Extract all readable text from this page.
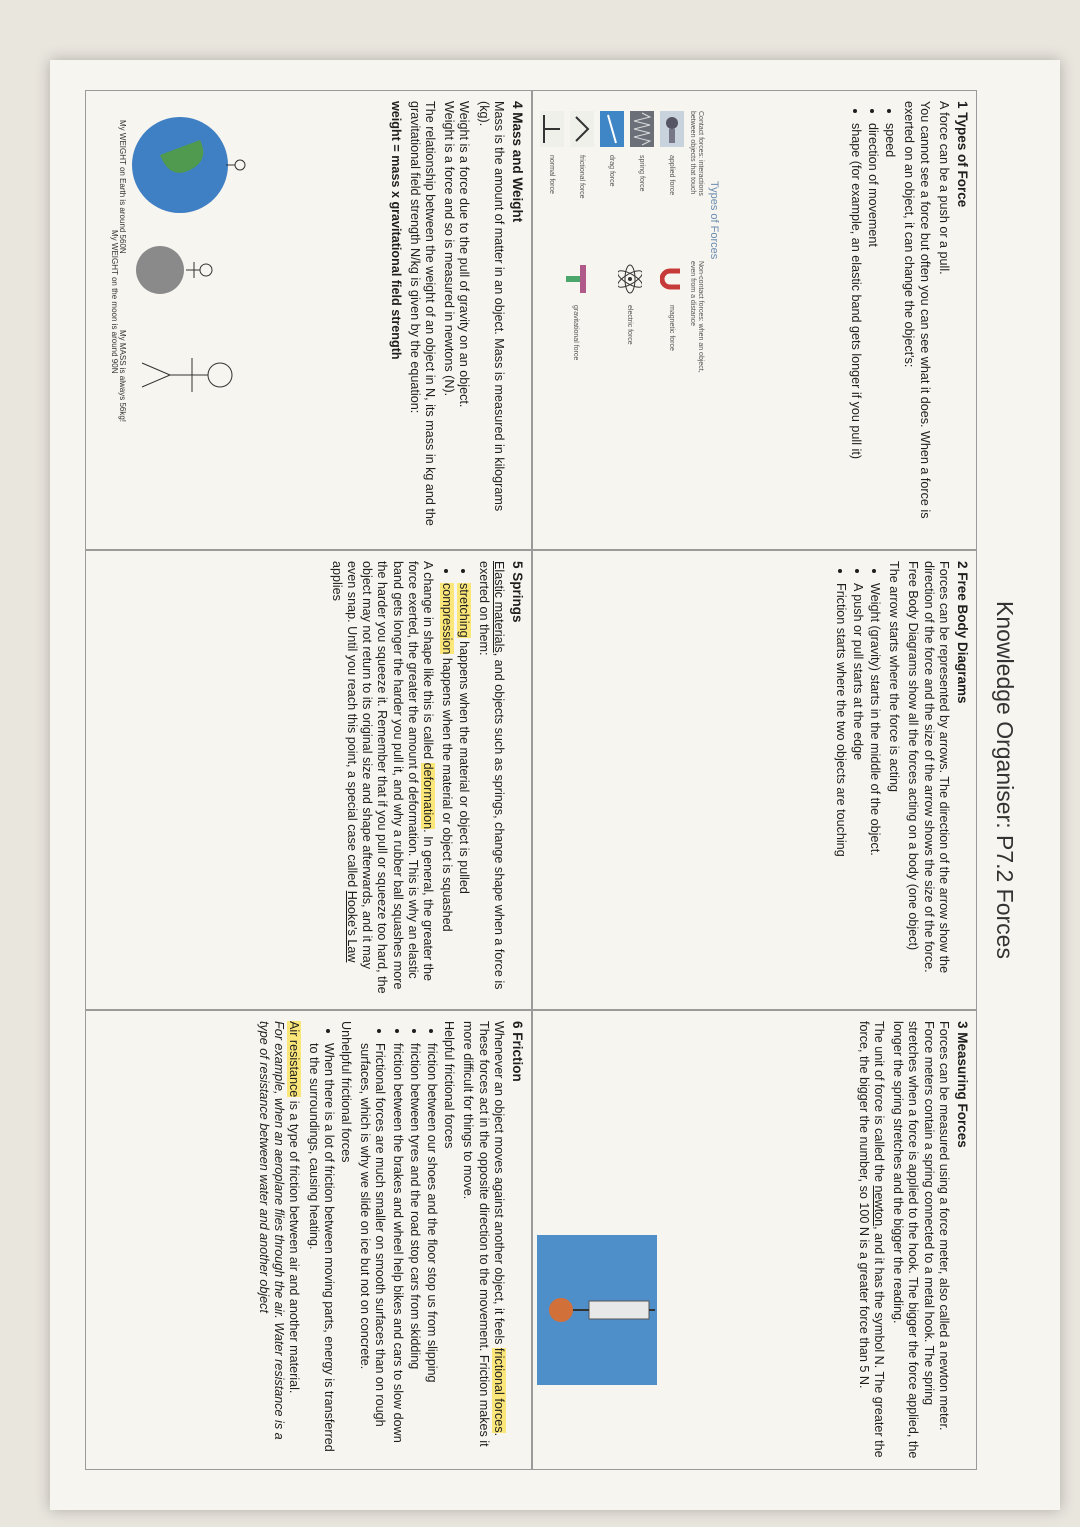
Knowledge Organiser: P7.2 Forces
1 Types of Force

A force can be a push or a pull.

You cannot see a force but often you can see what it does. When a force is exerted on an object, it can change the object's:

• speed
• direction of movement
• shape (for example, an elastic band gets longer if you pull it)
Types of Forces
Contact forces: interactions between objects that touch
Non-contact forces: when an object, even from a distance
applied force
spring force
drag force
frictional force
normal force
magnetic force
electric force
gravitational force
2 Free Body Diagrams

Forces can be represented by arrows. The direction of the arrow show the direction of the force and the size of the arrow shows the size of the force. Free Body Diagrams show all the forces acting on a body (one object)

The arrow starts where the force is acting

• Weight (gravity) starts in the middle of the object.
• A push or pull starts at the edge
• Friction starts where the two objects are touching
3 Measuring Forces

Forces can be measured using a force meter, also called a newton meter. Force meters contain a spring connected to a metal hook. The spring stretches when a force is applied to the hook. The bigger the force applied, the longer the spring stretches and the bigger the reading.

The unit of force is called the newton, and it has the symbol N. The greater the force, the bigger the number, so 100 N is a greater force than 5 N.

4 Mass and Weight

Mass is the amount of matter in an object. Mass is measured in kilograms (kg).

Weight is a force due to the pull of gravity on an object.

Weight is a force and so is measured in newtons (N).

The relationship between the weight of an object in N, its mass in kg and the gravitational field strength N/kg is given by the equation:

weight = mass x gravitational field strength

5 Springs

Elastic materials, and objects such as springs, change shape when a force is exerted on them:

• stretching happens when the material or object is pulled
• compression happens when the material or object is squashed

A change in shape like this is called deformation. In general, the greater the force exerted, the greater the amount of deformation. This is why an elastic band gets longer the harder you pull it, and why a rubber ball squashes more the harder you squeeze it. Remember that if you pull or squeeze too hard, the object may not return to its original size and shape afterwards, and it may even snap. Until you reach this point, a special case called Hooke's Law applies

6 Friction

Whenever an object moves against another object, it feels frictional forces. These forces act in the opposite direction to the movement. Friction makes it more difficult for things to move.

Helpful frictional forces

• friction between our shoes and the floor stop us from slipping
• friction between tyres and the road stop cars from skidding
• friction between the brakes and wheel help bikes and cars to slow down
• Frictional forces are much smaller on smooth surfaces than on rough surfaces, which is why we slide on ice but not on concrete.

Unhelpful frictional forces

• When there is a lot of friction between moving parts, energy is transferred to the surroundings, causing heating.

Air resistance is a type of friction between air and another material.

For example, when an aeroplane flies through the air. Water resistance is a type of resistance between water and another object

My WEIGHT on Earth is around 560N
My WEIGHT on the moon is around 90N
My MASS is always 56kg!
